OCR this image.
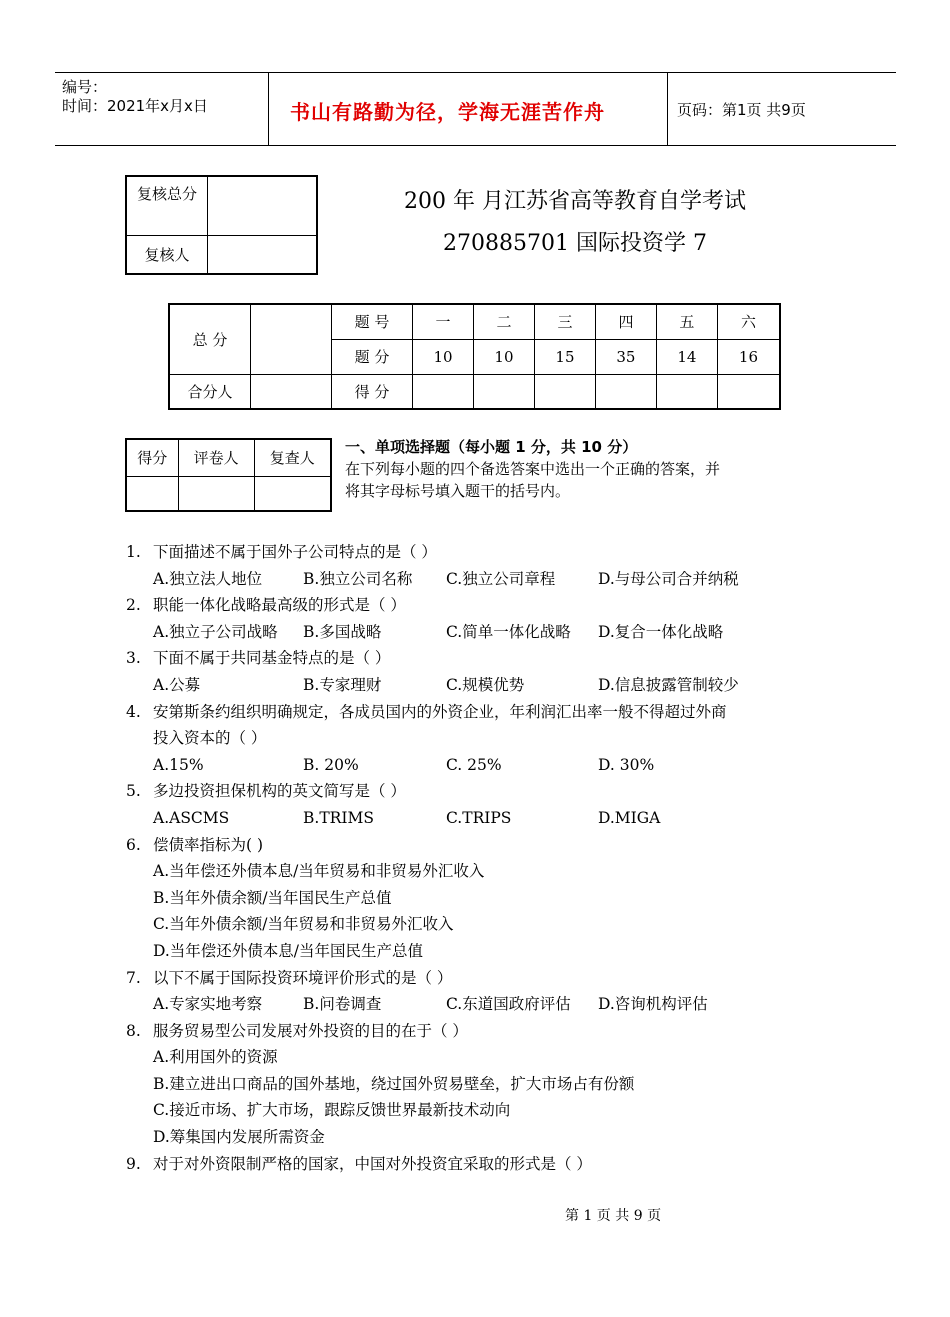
编号：
时间：2021年x月x日	书山有路勤为径，学海无涯苦作舟	页码：第1页 共9页
复核总分	
复核人	
200 年 月江苏省高等教育自学考试
270885701 国际投资学 7
总 分		题 号	一	二	三	四	五	六
		题 分	10	10	15	35	14	16
合分人		得 分						
得分	评卷人	复查人

一、单项选择题（每小题 1 分，共 10 分）
在下列每小题的四个备选答案中选出一个正确的答案，并
将其字母标号填入题干的括号内。
1. 下面描述不属于国外子公司特点的是（ ）
A.独立法人地位	B.独立公司名称	C.独立公司章程	D.与母公司合并纳税
2. 职能一体化战略最高级的形式是（ ）
A.独立子公司战略	B.多国战略	C.简单一体化战略	D.复合一体化战略
3. 下面不属于共同基金特点的是（ ）
A.公募	B.专家理财	C.规模优势	D.信息披露管制较少
4. 安第斯条约组织明确规定，各成员国内的外资企业，年利润汇出率一般不得超过外商
投入资本的（ ）
A.15%	B. 20%	C. 25%	D. 30%
5. 多边投资担保机构的英文简写是（ ）
A.ASCMS	B.TRIMS	C.TRIPS	D.MIGA
6. 偿债率指标为( )
A.当年偿还外债本息/当年贸易和非贸易外汇收入
B.当年外债余额/当年国民生产总值
C.当年外债余额/当年贸易和非贸易外汇收入
D.当年偿还外债本息/当年国民生产总值
7. 以下不属于国际投资环境评价形式的是（ ）
A.专家实地考察	B.问卷调查	C.东道国政府评估	D.咨询机构评估
8. 服务贸易型公司发展对外投资的目的在于（ ）
A.利用国外的资源
B.建立进出口商品的国外基地，绕过国外贸易壁垒，扩大市场占有份额
C.接近市场、扩大市场，跟踪反馈世界最新技术动向
D.筹集国内发展所需资金
9. 对于对外资限制严格的国家，中国对外投资宜采取的形式是（ ）
第 1 页 共 9 页
